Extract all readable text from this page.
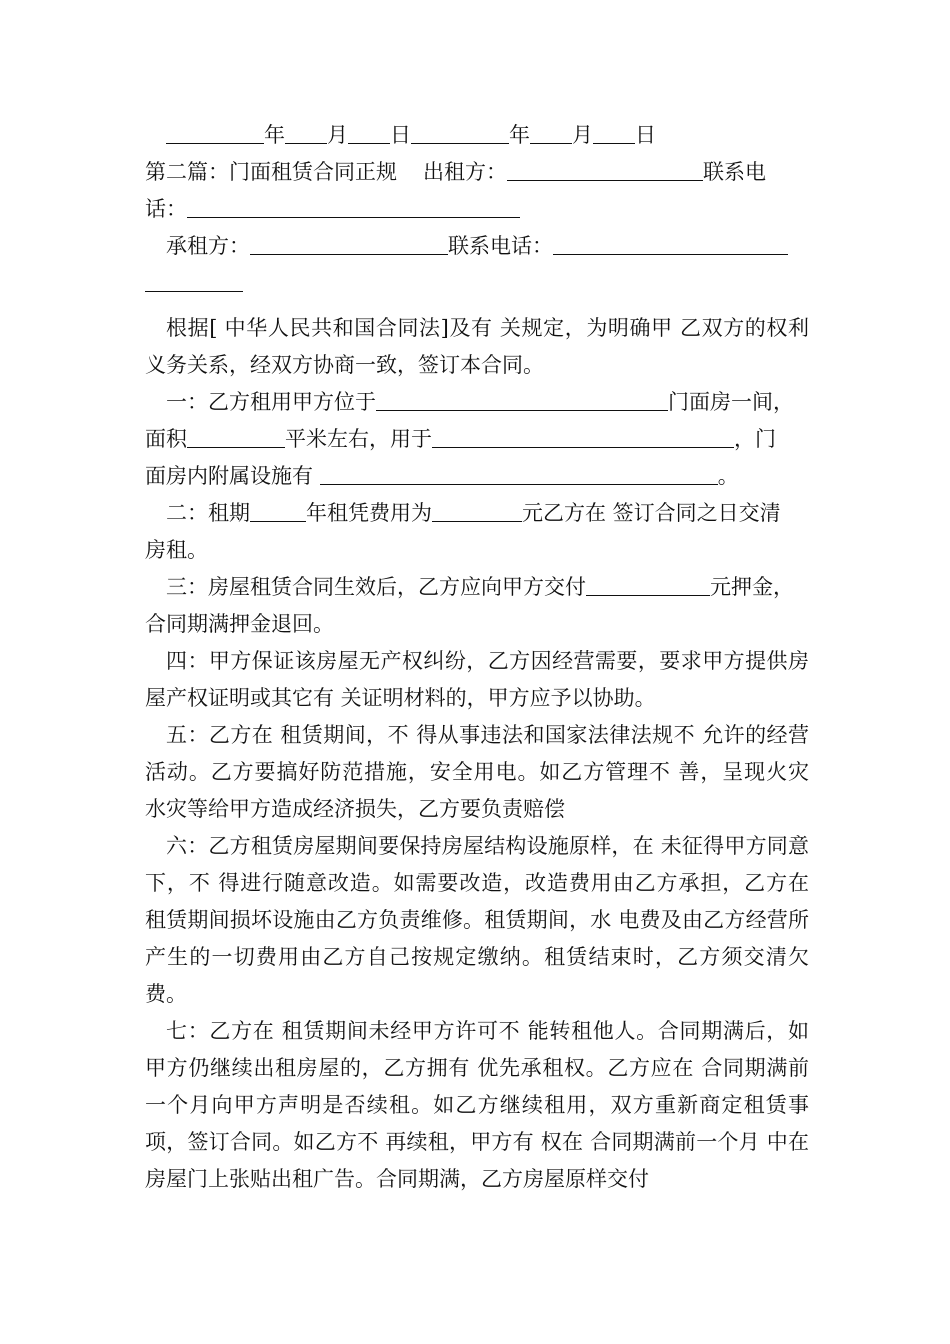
年 月 日	年 月 日
第二篇：门面租赁合同正规 出租方：	联系电
话：
承租方：	联系电话：
根据[ 中华人民共和国合同法]及有 关规定，为明确甲 乙双方的权利义务关系，经双方协商一致，签订本合同。
一：乙方租用甲方位于	门面房一间，
面积	平米左右，用于	，门
面房内附属设施有	。
二：租期	年租凭费用为	元乙方在 签订合同之日交清
房租。
三：房屋租赁合同生效后，乙方应向甲方交付	元押金，
合同期满押金退回。
四：甲方保证该房屋无产权纠纷，乙方因经营需要，要求甲方提供房屋产权证明或其它有 关证明材料的，甲方应予以协助。
五：乙方在 租赁期间，不 得从事违法和国家法律法规不 允许的经营活动。乙方要搞好防范措施，安全用电。如乙方管理不 善，呈现火灾 水灾等给甲方造成经济损失，乙方要负责赔偿
六：乙方租赁房屋期间要保持房屋结构设施原样，在 未征得甲方同意下，不 得进行随意改造。如需要改造，改造费用由乙方承担，乙方在 租赁期间损坏设施由乙方负责维修。租赁期间，水 电费及由乙方经营所产生的一切费用由乙方自己按规定缴纳。租赁结束时，乙方须交清欠费。
七：乙方在 租赁期间未经甲方许可不 能转租他人。合同期满后，如甲方仍继续出租房屋的，乙方拥有 优先承租权。乙方应在 合同期满前一个月向甲方声明是否续租。如乙方继续租用，双方重新商定租赁事项，签订合同。如乙方不 再续租，甲方有 权在 合同期满前一个月 中在 房屋门上张贴出租广告。合同期满，乙方房屋原样交付
